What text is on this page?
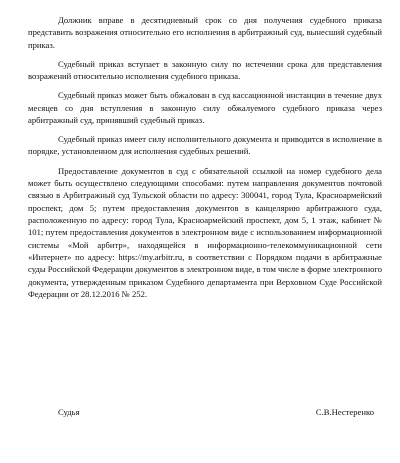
Должник вправе в десятидневный срок со дня получения судебного приказа представить возражения относительно его исполнения в арбитражный суд, вынесший судебный приказ.

Судебный приказ вступает в законную силу по истечении срока для представления возражений относительно исполнения судебного приказа.

Судебный приказ может быть обжалован в суд кассационной инстанции в течение двух месяцев со дня вступления в законную силу обжалуемого судебного приказа через арбитражный суд, принявший судебный приказ.

Судебный приказ имеет силу исполнительного документа и приводится в исполнение в порядке, установленном для исполнения судебных решений.

Предоставление документов в суд с обязательной ссылкой на номер судебного дела может быть осуществлено следующими способами: путем направления документов почтовой связью в Арбитражный суд Тульской области по адресу: 300041, город Тула, Красноармейский проспект, дом 5; путем предоставления документов в канцелярию арбитражного суда, расположенную по адресу: город Тула, Красноармейский проспект, дом 5, 1 этаж, кабинет № 101; путем предоставления документов в электронном виде с использованием информационной системы «Мой арбитр», находящейся в информационно-телекоммуникационной сети «Интернет» по адресу: https://my.arbitr.ru, в соответствии с Порядком подачи в арбитражные суды Российской Федерации документов в электронном виде, в том числе в форме электронного документа, утвержденным приказом Судебного департамента при Верховном Суде Российской Федерации от 28.12.2016 № 252.

Судья	С.В.Нестеренко
